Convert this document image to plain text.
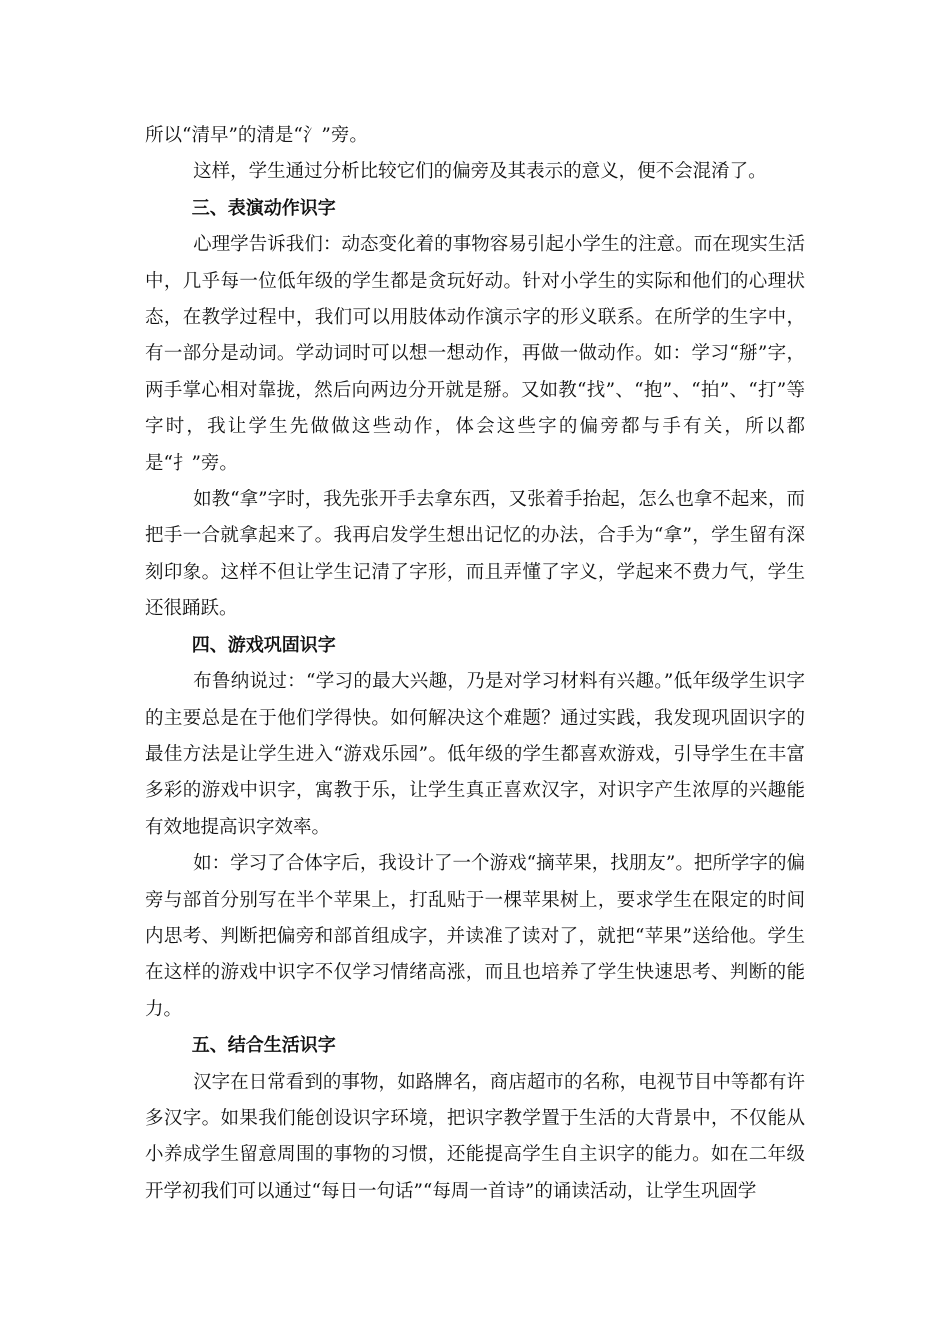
所以“清早”的清是“氵”旁。

这样，学生通过分析比较它们的偏旁及其表示的意义，便不会混淆了。

三、表演动作识字

心理学告诉我们：动态变化着的事物容易引起小学生的注意。而在现实生活中，几乎每一位低年级的学生都是贪玩好动。针对小学生的实际和他们的心理状态，在教学过程中，我们可以用肢体动作演示字的形义联系。在所学的生字中，有一部分是动词。学动词时可以想一想动作，再做一做动作。如：学习“掰”字，两手掌心相对靠拢，然后向两边分开就是掰。又如教“找”、“抱”、“拍”、“打”等字时，我让学生先做做这些动作，体会这些字的偏旁都与手有关，所以都是“扌”旁。

如教“拿”字时，我先张开手去拿东西，又张着手抬起，怎么也拿不起来，而把手一合就拿起来了。我再启发学生想出记忆的办法，合手为“拿”，学生留有深刻印象。这样不但让学生记清了字形，而且弄懂了字义，学起来不费力气，学生还很踊跃。

四、游戏巩固识字

布鲁纳说过：“学习的最大兴趣，乃是对学习材料有兴趣。”低年级学生识字的主要总是在于他们学得快。如何解决这个难题？通过实践，我发现巩固识字的最佳方法是让学生进入“游戏乐园”。低年级的学生都喜欢游戏，引导学生在丰富多彩的游戏中识字，寓教于乐，让学生真正喜欢汉字，对识字产生浓厚的兴趣能有效地提高识字效率。

如：学习了合体字后，我设计了一个游戏“摘苹果，找朋友”。把所学字的偏旁与部首分别写在半个苹果上，打乱贴于一棵苹果树上，要求学生在限定的时间内思考、判断把偏旁和部首组成字，并读准了读对了，就把“苹果”送给他。学生在这样的游戏中识字不仅学习情绪高涨，而且也培养了学生快速思考、判断的能力。

五、结合生活识字

汉字在日常看到的事物，如路牌名，商店超市的名称，电视节目中等都有许多汉字。如果我们能创设识字环境，把识字教学置于生活的大背景中，不仅能从小养成学生留意周围的事物的习惯，还能提高学生自主识字的能力。如在二年级开学初我们可以通过“每日一句话”“每周一首诗”的诵读活动，让学生巩固学
